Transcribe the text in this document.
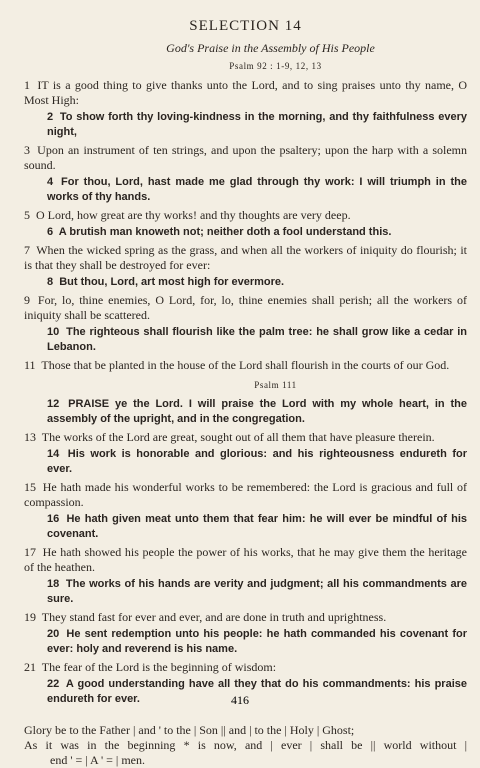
SELECTION 14
God's Praise in the Assembly of His People
Psalm 92 : 1-9, 12, 13

1 IT is a good thing to give thanks unto the Lord, and to sing praises unto thy name, O Most High:

2 To show forth thy loving-kindness in the morning, and thy faithfulness every night,

3 Upon an instrument of ten strings, and upon the psaltery; upon the harp with a solemn sound.

4 For thou, Lord, hast made me glad through thy work: I will triumph in the works of thy hands.

5 O Lord, how great are thy works! and thy thoughts are very deep.

6 A brutish man knoweth not; neither doth a fool understand this.

7 When the wicked spring as the grass, and when all the workers of iniquity do flourish; it is that they shall be destroyed for ever:

8 But thou, Lord, art most high for evermore.

9 For, lo, thine enemies, O Lord, for, lo, thine enemies shall perish; all the workers of iniquity shall be scattered.

10 The righteous shall flourish like the palm tree: he shall grow like a cedar in Lebanon.

11 Those that be planted in the house of the Lord shall flourish in the courts of our God.

Psalm 111

12 PRAISE ye the Lord. I will praise the Lord with my whole heart, in the assembly of the upright, and in the congregation.

13 The works of the Lord are great, sought out of all them that have pleasure therein.

14 His work is honorable and glorious: and his righteousness endureth for ever.

15 He hath made his wonderful works to be remembered: the Lord is gracious and full of compassion.

16 He hath given meat unto them that fear him: he will ever be mindful of his covenant.

17 He hath showed his people the power of his works, that he may give them the heritage of the heathen.

18 The works of his hands are verity and judgment; all his commandments are sure.

19 They stand fast for ever and ever, and are done in truth and uprightness.

20 He sent redemption unto his people: he hath commanded his covenant for ever: holy and reverend is his name.

21 The fear of the Lord is the beginning of wisdom:

22 A good understanding have all they that do his commandments: his praise endureth for ever.

Glory be to the Father | and ' to the | Son || and | to the | Holy | Ghost;
As it was in the beginning * is now, and | ever | shall be || world without |
end ' = | A ' = | men.
416
